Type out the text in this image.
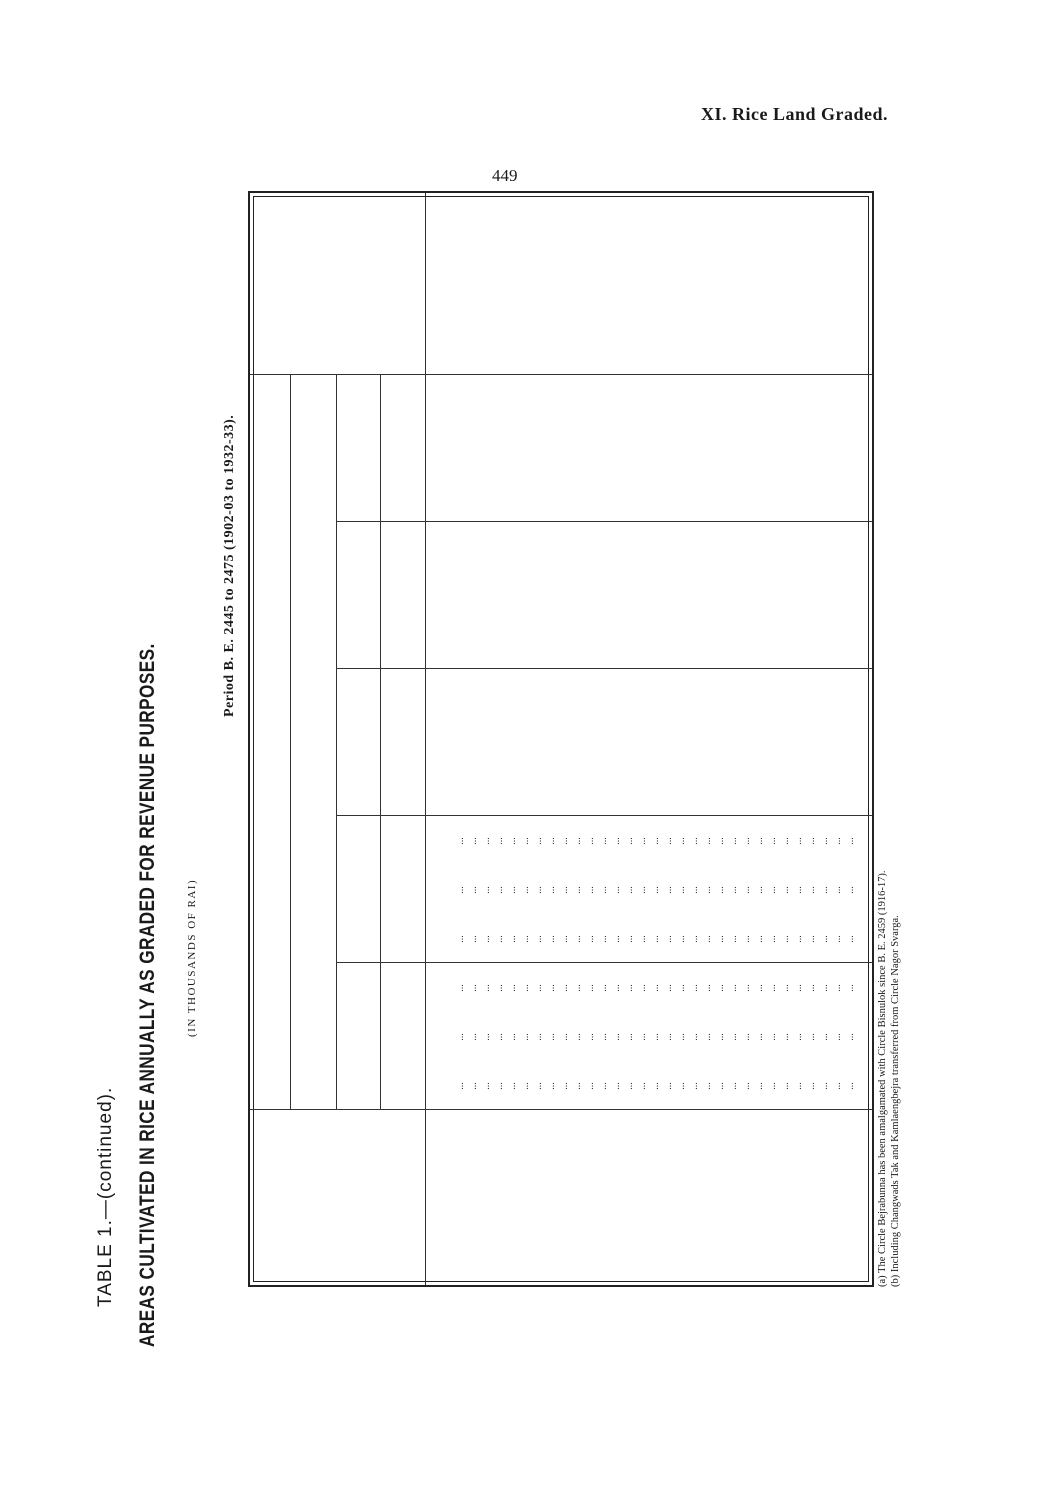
XI. Rice Land Graded.
449
TABLE 1.—(continued). AREAS CULTIVATED IN RICE ANNUALLY AS GRADED FOR REVENUE PURPOSES. (IN THOUSANDS OF RAI)
Period B. E. 2445 to 2475 (1902-03 to 1932-33).
...
...
...
...
...
...
...
...
...
...
...
...
...
...
...
...
...
...
...
...
...
...
...
...
...
...
...
...
...
...
...
...
...
...
...
...
...
...
...
...
...
...
...
...
...
...
...
...
...
...
...
...
...
...
...
...
...
...
...
...
...
...
...
...
...
...
...
...
...
...
...
...
...
...
...
...
...
...
...
...
...
...
...
...
...
...
...
...
...
...
...
...
...
...
...
...
...
...
...
...
...
...
...
...
...
...
...
...
...
...
...
...
...
...
...
...
...
...
...
...
...
...
...
...
...
...
...
...
...
...
...
...
...
...
...
...
...
...
...
...
...
...
...
...
...
...
...
...
...
...
...
...
...
...
...
...
...
...
...
...
...
...
...
...
...
...
...
...
...
...
...
...
...
...
...
...
...
...
...
...
...
...
...
...
...
...
(a) The Circle Bejrabunna has been amalgamated with Circle Bisnulok since B. E. 2459 (1916-17). (b) Including Changwads Tak and Kamlaengbejra transferred from Circle Nagor Svarga.
